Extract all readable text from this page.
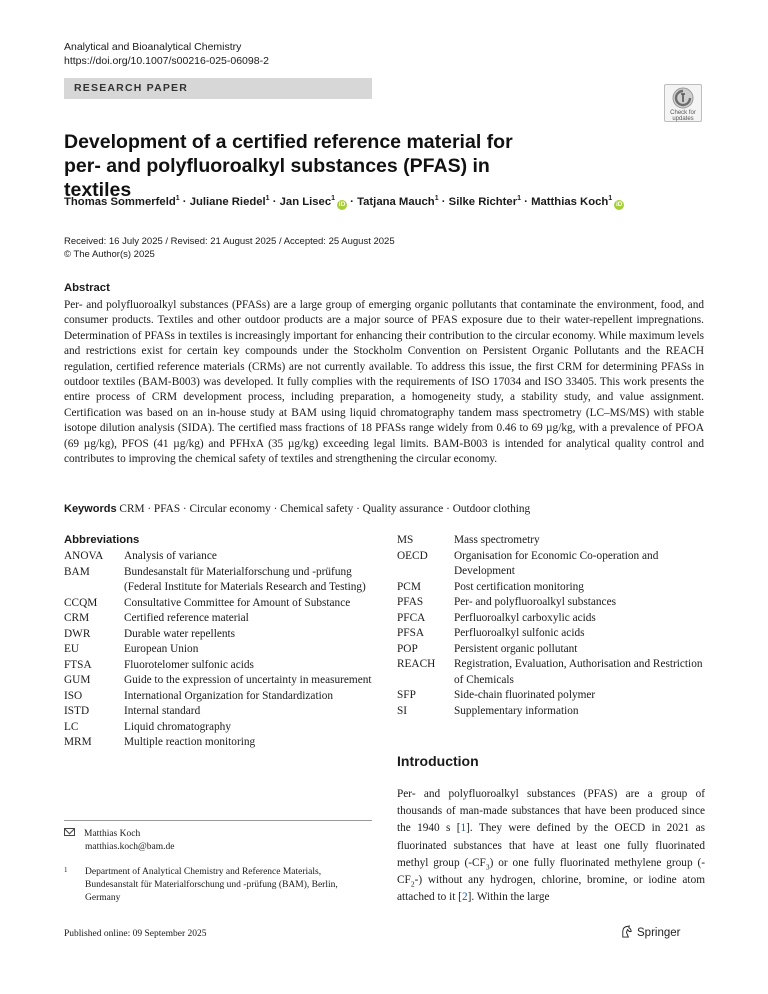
Analytical and Bioanalytical Chemistry
https://doi.org/10.1007/s00216-025-06098-2
RESEARCH PAPER
Check for
updates
Development of a certified reference material for per- and polyfluoroalkyl substances (PFAS) in textiles
Thomas Sommerfeld$^1$ · Juliane Riedel$^1$ · Jan Lisec$^1$iD · Tatjana Mauch$^1$ · Silke Richter$^1$ · Matthias Koch$^1$iD
Received: 16 July 2025 / Revised: 21 August 2025 / Accepted: 25 August 2025
© The Author(s) 2025
Abstract
Per- and polyfluoroalkyl substances (PFASs) are a large group of emerging organic pollutants that contaminate the environment, food, and consumer products. Textiles and other outdoor products are a major source of PFAS exposure due to their water-repellent impregnations. Determination of PFASs in textiles is increasingly important for enhancing their contribution to the circular economy. While maximum levels and restrictions exist for certain key compounds under the Stockholm Convention on Persistent Organic Pollutants and the REACH regulation, certified reference materials (CRMs) are not currently available. To address this issue, the first CRM for determining PFASs in outdoor textiles (BAM-B003) was developed. It fully complies with the requirements of ISO 17034 and ISO 33405. This work presents the entire process of CRM development process, including preparation, a homogeneity study, a stability study, and value assignment. Certification was based on an in-house study at BAM using liquid chromatography tandem mass spectrometry (LC–MS/MS) with stable isotope dilution analysis (SIDA). The certified mass fractions of 18 PFASs range widely from 0.46 to 69 µg/kg, with a prevalence of PFOA (69 µg/kg), PFOS (41 µg/kg) and PFHxA (35 µg/kg) exceeding legal limits. BAM-B003 is intended for analytical quality control and contributes to improving the chemical safety of textiles and strengthening the circular economy.
Keywords CRM · PFAS · Circular economy · Chemical safety · Quality assurance · Outdoor clothing
Abbreviations
ANOVA	Analysis of variance
BAM	Bundesanstalt für Materialforschung und -prüfung (Federal Institute for Materials Research and Testing)
CCQM	Consultative Committee for Amount of Substance
CRM	Certified reference material
DWR	Durable water repellents
EU	European Union
FTSA	Fluorotelomer sulfonic acids
GUM	Guide to the expression of uncertainty in measurement
ISO	International Organization for Standardization
ISTD	Internal standard
LC	Liquid chromatography
MRM	Multiple reaction monitoring
MS	Mass spectrometry
OECD	Organisation for Economic Co-operation and Development
PCM	Post certification monitoring
PFAS	Per- and polyfluoroalkyl substances
PFCA	Perfluoroalkyl carboxylic acids
PFSA	Perfluoroalkyl sulfonic acids
POP	Persistent organic pollutant
REACH	Registration, Evaluation, Authorisation and Restriction of Chemicals
SFP	Side-chain fluorinated polymer
SI	Supplementary information
Matthias Koch
matthias.koch@bam.de
1	Department of Analytical Chemistry and Reference Materials, Bundesanstalt für Materialforschung und -prüfung (BAM), Berlin, Germany
Published online: 09 September 2025
Introduction
Per- and polyfluoroalkyl substances (PFAS) are a group of thousands of man-made substances that have been produced since the 1940 s [1]. They were defined by the OECD in 2021 as fluorinated substances that have at least one fully fluorinated methyl group $(-CF_3)$ or one fully fluorinated methylene group $(-CF_2-)$ without any hydrogen, chlorine, bromine, or iodine atom attached to it [2]. Within the large
Springer
